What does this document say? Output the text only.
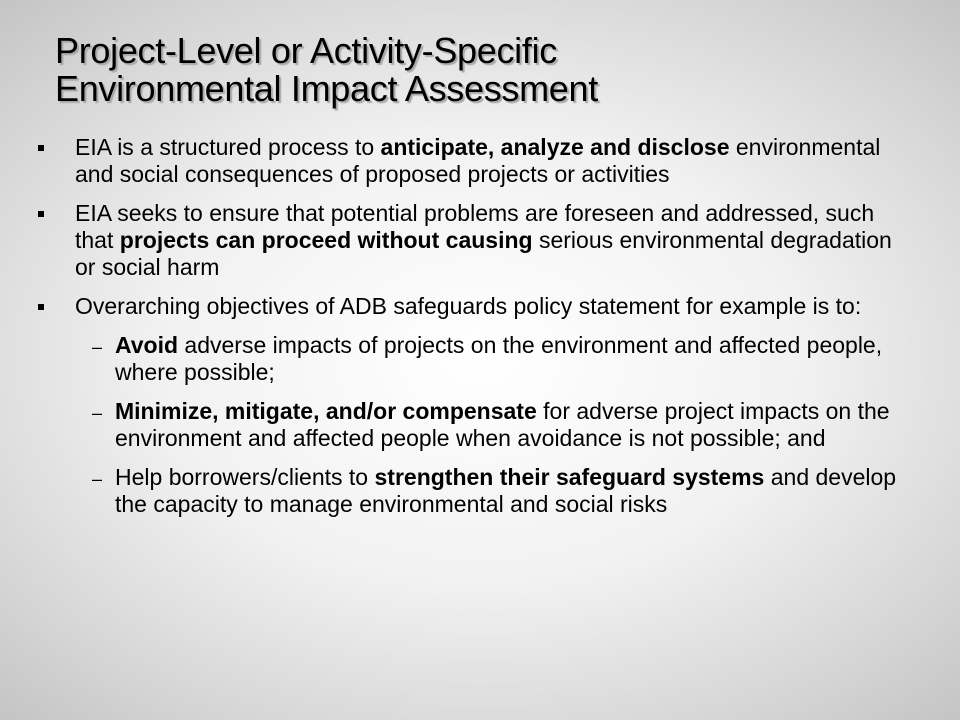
Project-Level or Activity-Specific
Environmental Impact Assessment
EIA is a structured process to anticipate, analyze and disclose environmental and social consequences of proposed projects or activities
EIA seeks to ensure that potential problems are foreseen and addressed, such that projects can proceed without causing serious environmental degradation or social harm
Overarching objectives of ADB safeguards policy statement for example is to:
– Avoid adverse impacts of projects on the environment and affected people, where possible;
– Minimize, mitigate, and/or compensate for adverse project impacts on the environment and affected people when avoidance is not possible; and
– Help borrowers/clients to strengthen their safeguard systems and develop the capacity to manage environmental and social risks
